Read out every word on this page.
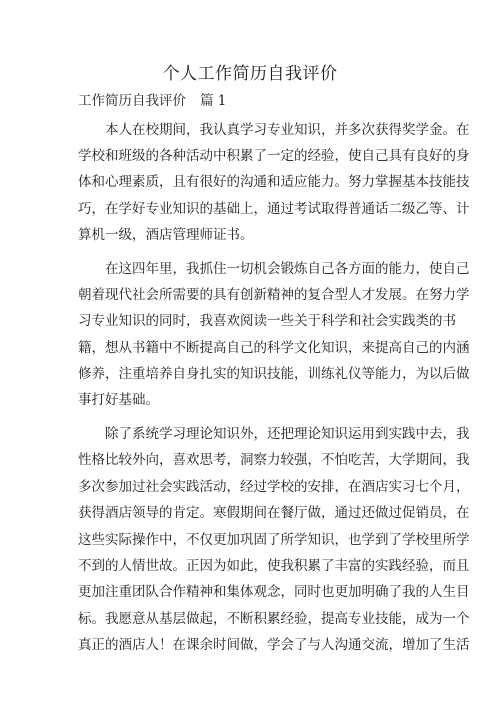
个人工作简历自我评价
工作简历自我评价 篇 1
本人在校期间，我认真学习专业知识，并多次获得奖学金。在
学校和班级的各种活动中积累了一定的经验，使自己具有良好的身
体和心理素质，且有很好的沟通和适应能力。努力掌握基本技能技
巧，在学好专业知识的基础上，通过考试取得普通话二级乙等、计
算机一级，酒店管理师证书。
在这四年里，我抓住一切机会锻炼自己各方面的能力，使自己
朝着现代社会所需要的具有创新精神的复合型人才发展。在努力学
习专业知识的同时，我喜欢阅读一些关于科学和社会实践类的书
籍，想从书籍中不断提高自己的科学文化知识，来提高自己的内涵
修养，注重培养自身扎实的知识技能，训练礼仪等能力，为以后做
事打好基础。
除了系统学习理论知识外，还把理论知识运用到实践中去，我
性格比较外向，喜欢思考，洞察力较强，不怕吃苦，大学期间，我
多次参加过社会实践活动，经过学校的安排，在酒店实习七个月，
获得酒店领导的肯定。寒假期间在餐厅做，通过还做过促销员，在
这些实际操作中，不仅更加巩固了所学知识，也学到了学校里所学
不到的人情世故。正因为如此，使我积累了丰富的实践经验，而且
更加注重团队合作精神和集体观念，同时也更加明确了我的人生目
标。我愿意从基层做起，不断积累经验，提高专业技能，成为一个
真正的酒店人！在课余时间做，学会了与人沟通交流，增加了生活
